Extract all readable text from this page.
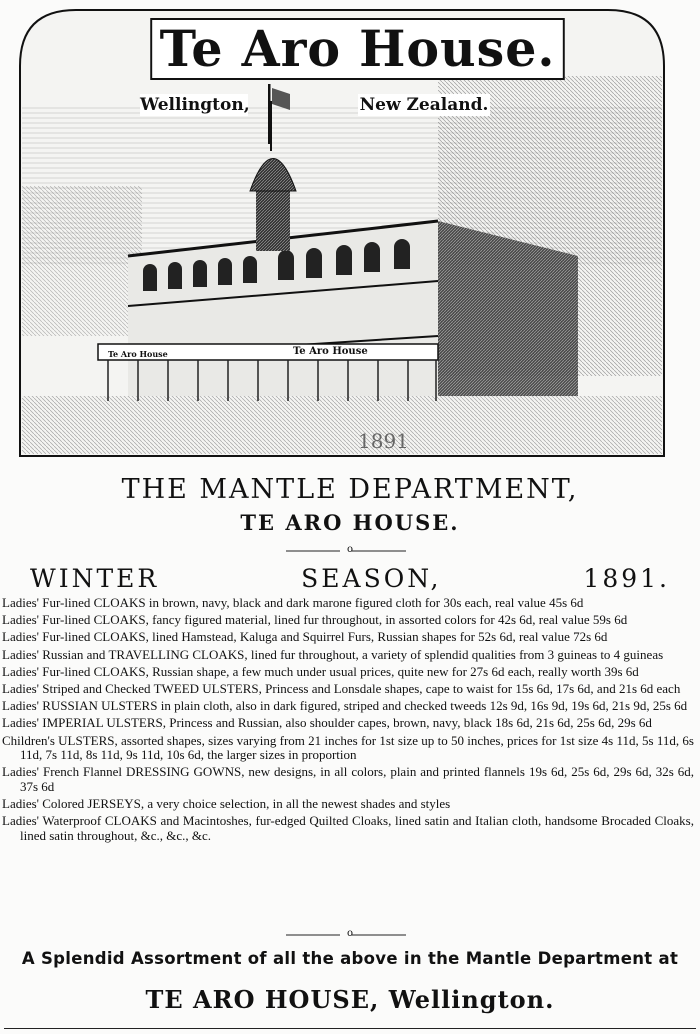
1891
Te Aro House.
Wellington,	New Zealand.
Te Aro House	Te Aro House
THE MANTLE DEPARTMENT,
TE ARO HOUSE.
o
WINTER	SEASON,	1891.

Ladies' Fur-lined CLOAKS in brown, navy, black and dark marone figured cloth for 30s each, real value 45s 6d

Ladies' Fur-lined CLOAKS, fancy figured material, lined fur throughout, in assorted colors for 42s 6d, real value 59s 6d

Ladies' Fur-lined CLOAKS, lined Hamstead, Kaluga and Squirrel Furs, Russian shapes for 52s 6d, real value 72s 6d

Ladies' Russian and TRAVELLING CLOAKS, lined fur throughout, a variety of splendid qualities from 3 guineas to 4 guineas

Ladies' Fur-lined CLOAKS, Russian shape, a few much under usual prices, quite new for 27s 6d each, really worth 39s 6d

Ladies' Striped and Checked TWEED ULSTERS, Princess and Lonsdale shapes, cape to waist for 15s 6d, 17s 6d, and 21s 6d each

Ladies' RUSSIAN ULSTERS in plain cloth, also in dark figured, striped and checked tweeds 12s 9d, 16s 9d, 19s 6d, 21s 9d, 25s 6d

Ladies' IMPERIAL ULSTERS, Princess and Russian, also shoulder capes, brown, navy, black 18s 6d, 21s 6d, 25s 6d, 29s 6d

Children's ULSTERS, assorted shapes, sizes varying from 21 inches for 1st size up to 50 inches, prices for 1st size 4s 11d, 5s 11d, 6s 11d, 7s 11d, 8s 11d, 9s 11d, 10s 6d, the larger sizes in proportion

Ladies' French Flannel DRESSING GOWNS, new designs, in all colors, plain and printed flannels 19s 6d, 25s 6d, 29s 6d, 32s 6d, 37s 6d

Ladies' Colored JERSEYS, a very choice selection, in all the newest shades and styles

Ladies' Waterproof CLOAKS and Macintoshes, fur-edged Quilted Cloaks, lined satin and Italian cloth, handsome Brocaded Cloaks, lined satin throughout, &c., &c., &c.

o
A Splendid Assortment of all the above in the Mantle Department at
TE ARO HOUSE, Wellington.
